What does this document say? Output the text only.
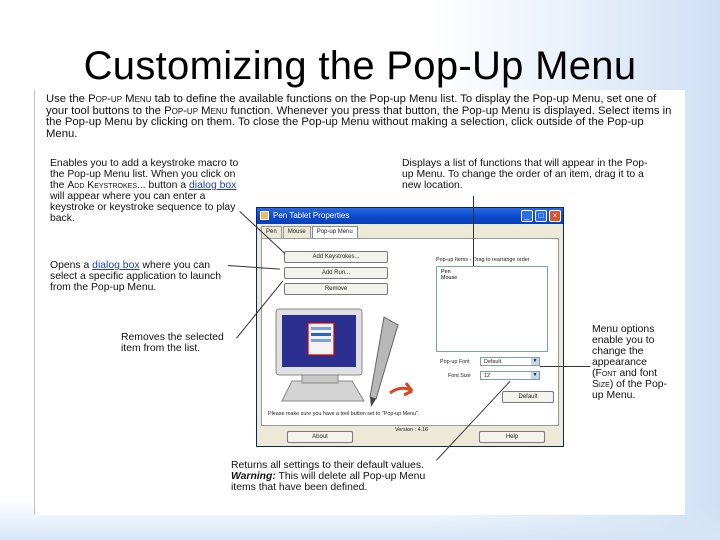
Customizing the Pop-Up Menu
Use the Pop-up Menu tab to define the available functions on the Pop-up Menu list. To display the Pop-up Menu, set one of your tool buttons to the Pop-up Menu function. Whenever you press that button, the Pop-up Menu is displayed. Select items in the Pop-up Menu by clicking on them. To close the Pop-up Menu without making a selection, click outside of the Pop-up Menu.
Enables you to add a keystroke macro to the Pop-up Menu list. When you click on the Add Keystrokes... button a dialog box will appear where you can enter a keystroke or keystroke sequence to play back.
Opens a dialog box where you can select a specific application to launch from the Pop-up Menu.
Removes the selected item from the list.
Displays a list of functions that will appear in the Pop-up Menu. To change the order of an item, drag it to a new location.
Menu options enable you to change the appearance (Font and font Size) of the Pop-up Menu.
Returns all settings to their default values.
Warning: This will delete all Pop-up Menu items that have been defined.
Pen Tablet Properties	_	□	×
Pen	Mouse	Pop-up Menu
Add Keystrokes...
Add Run...
Remove
Pop-up Items - Drag to rearrange order
Pen
Mouse
Pop-up Font	Default	▼
Font Size	12	▼
Default
Please make sure you have a tool button set to "Pop-up Menu".
Version : 4.16
About	Help
